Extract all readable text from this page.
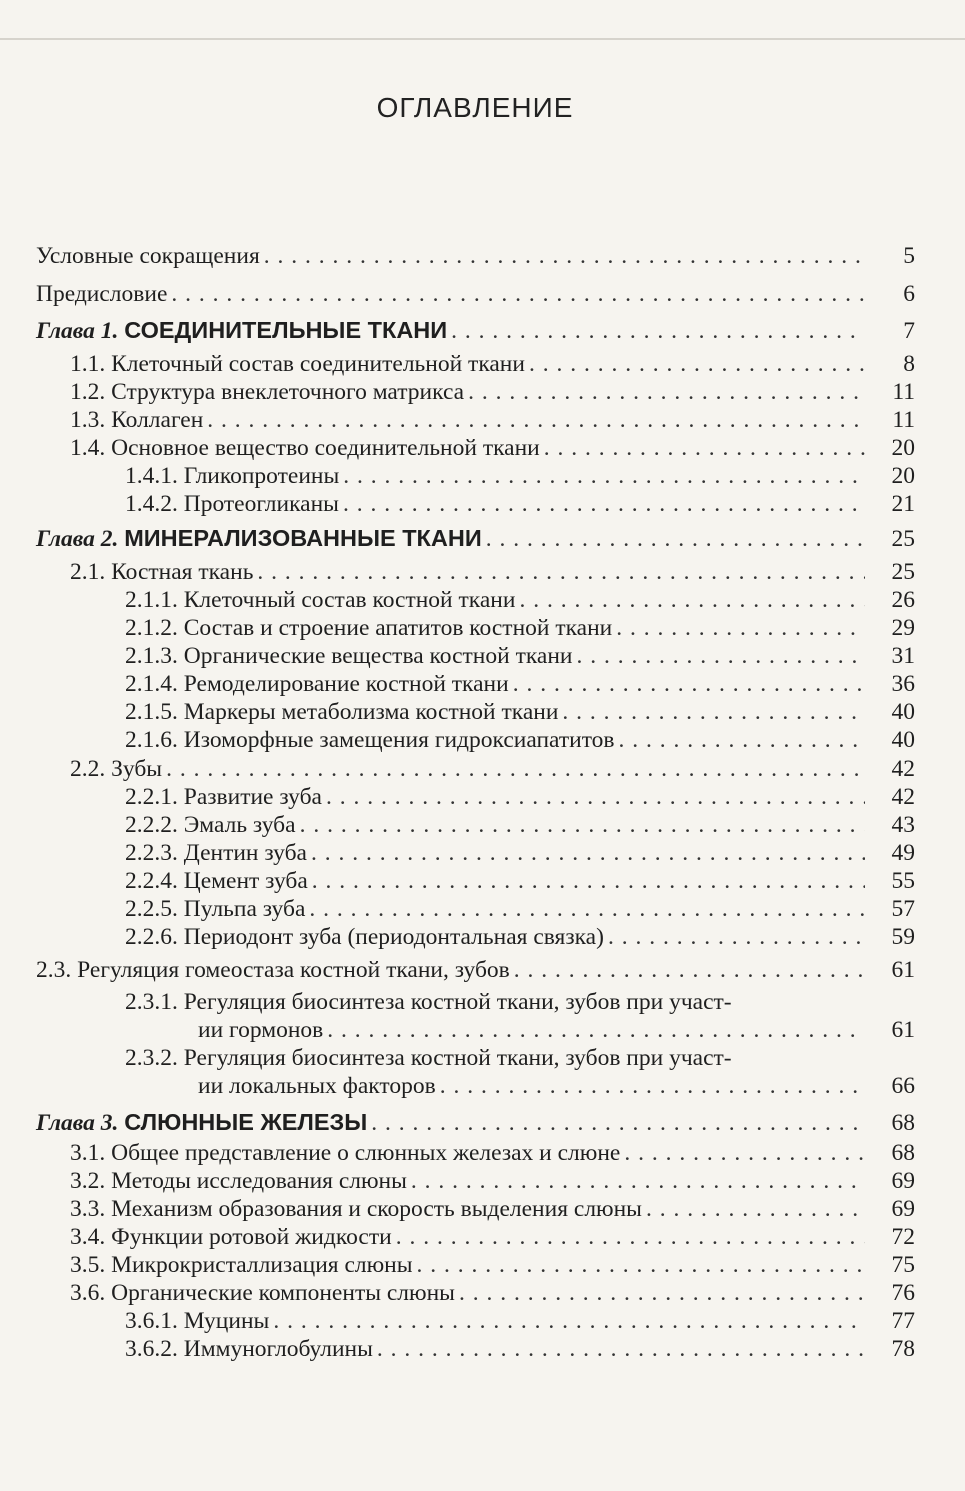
ОГЛАВЛЕНИЕ
Условные сокращения . . .	5
Предисловие . . .	6
Глава 1. СОЕДИНИТЕЛЬНЫЕ ТКАНИ . . .	7
1.1. Клеточный состав соединительной ткани . . .	8
1.2. Структура внеклеточного матрикса . . .	11
1.3. Коллаген . . .	11
1.4. Основное вещество соединительной ткани . . .	20
1.4.1. Гликопротеины . . .	20
1.4.2. Протеогликаны . . .	21
Глава 2. МИНЕРАЛИЗОВАННЫЕ ТКАНИ . . .	25
2.1. Костная ткань . . .	25
2.1.1. Клеточный состав костной ткани . . .	26
2.1.2. Состав и строение апатитов костной ткани . . .	29
2.1.3. Органические вещества костной ткани . . .	31
2.1.4. Ремоделирование костной ткани . . .	36
2.1.5. Маркеры метаболизма костной ткани . . .	40
2.1.6. Изоморфные замещения гидроксиапатитов . . .	40
2.2. Зубы . . .	42
2.2.1. Развитие зуба . . .	42
2.2.2. Эмаль зуба . . .	43
2.2.3. Дентин зуба . . .	49
2.2.4. Цемент зуба . . .	55
2.2.5. Пульпа зуба . . .	57
2.2.6. Периодонт зуба (периодонтальная связка) . . .	59
2.3. Регуляция гомеостаза костной ткани, зубов . . .	61
2.3.1. Регуляция биосинтеза костной ткани, зубов при участ-
ии гормонов . . .	61
2.3.2. Регуляция биосинтеза костной ткани, зубов при участ-
ии локальных факторов . . .	66
Глава 3. СЛЮННЫЕ ЖЕЛЕЗЫ . . .	68
3.1. Общее представление о слюнных железах и слюне . . .	68
3.2. Методы исследования слюны . . .	69
3.3. Механизм образования и скорость выделения слюны . . .	69
3.4. Функции ротовой жидкости . . .	72
3.5. Микрокристаллизация слюны . . .	75
3.6. Органические компоненты слюны . . .	76
3.6.1. Муцины . . .	77
3.6.2. Иммуноглобулины . . .	78
